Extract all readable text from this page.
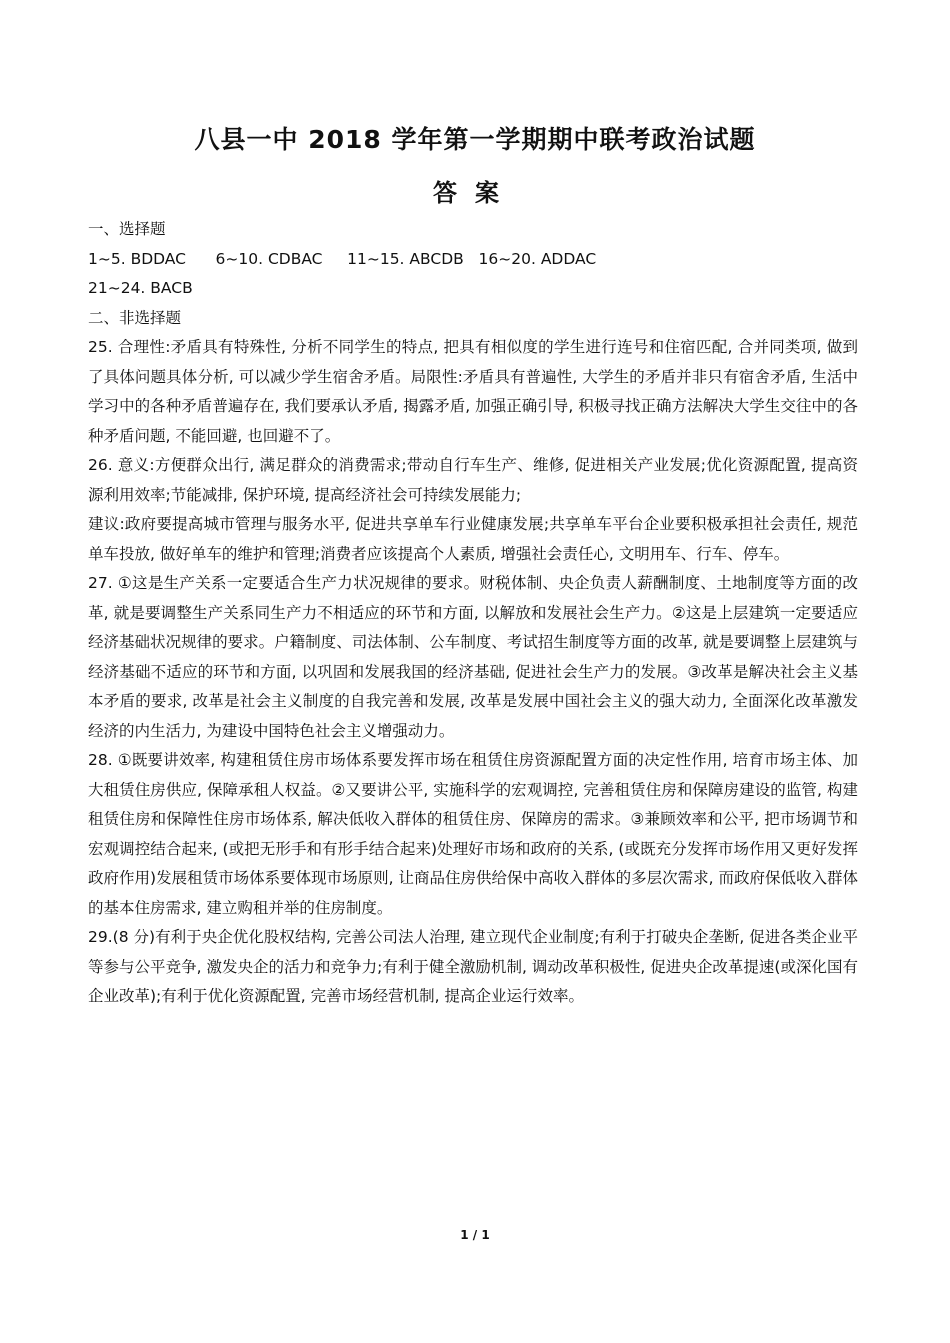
八县一中 2018 学年第一学期期中联考政治试题
答案
一、选择题
1~5. BDDAC      6~10. CDBAC     11~15. ABCDB   16~20. ADDAC
21~24. BACB
二、非选择题
25. 合理性:矛盾具有特殊性, 分析不同学生的特点, 把具有相似度的学生进行连号和住宿匹配, 合并同类项, 做到了具体问题具体分析, 可以减少学生宿舍矛盾。局限性:矛盾具有普遍性, 大学生的矛盾并非只有宿舍矛盾, 生活中学习中的各种矛盾普遍存在, 我们要承认矛盾, 揭露矛盾, 加强正确引导, 积极寻找正确方法解决大学生交往中的各种矛盾问题, 不能回避, 也回避不了。
26. 意义:方便群众出行, 满足群众的消费需求;带动自行车生产、维修, 促进相关产业发展;优化资源配置, 提高资源利用效率;节能减排, 保护环境, 提高经济社会可持续发展能力;
建议:政府要提高城市管理与服务水平, 促进共享单车行业健康发展;共享单车平台企业要积极承担社会责任, 规范单车投放, 做好单车的维护和管理;消费者应该提高个人素质, 增强社会责任心, 文明用车、行车、停车。
27. ①这是生产关系一定要适合生产力状况规律的要求。财税体制、央企负责人薪酬制度、土地制度等方面的改革, 就是要调整生产关系同生产力不相适应的环节和方面, 以解放和发展社会生产力。②这是上层建筑一定要适应经济基础状况规律的要求。户籍制度、司法体制、公车制度、考试招生制度等方面的改革, 就是要调整上层建筑与经济基础不适应的环节和方面, 以巩固和发展我国的经济基础, 促进社会生产力的发展。③改革是解决社会主义基本矛盾的要求, 改革是社会主义制度的自我完善和发展, 改革是发展中国社会主义的强大动力, 全面深化改革激发经济的内生活力, 为建设中国特色社会主义增强动力。
28. ①既要讲效率, 构建租赁住房市场体系要发挥市场在租赁住房资源配置方面的决定性作用, 培育市场主体、加大租赁住房供应, 保障承租人权益。②又要讲公平, 实施科学的宏观调控, 完善租赁住房和保障房建设的监管, 构建租赁住房和保障性住房市场体系, 解决低收入群体的租赁住房、保障房的需求。③兼顾效率和公平, 把市场调节和宏观调控结合起来, (或把无形手和有形手结合起来)处理好市场和政府的关系, (或既充分发挥市场作用又更好发挥政府作用)发展租赁市场体系要体现市场原则, 让商品住房供给保中高收入群体的多层次需求, 而政府保低收入群体的基本住房需求, 建立购租并举的住房制度。
29.(8 分)有利于央企优化股权结构, 完善公司法人治理, 建立现代企业制度;有利于打破央企垄断, 促进各类企业平等参与公平竞争, 激发央企的活力和竞争力;有利于健全激励机制, 调动改革积极性, 促进央企改革提速(或深化国有企业改革);有利于优化资源配置, 完善市场经营机制, 提高企业运行效率。
1 / 1
